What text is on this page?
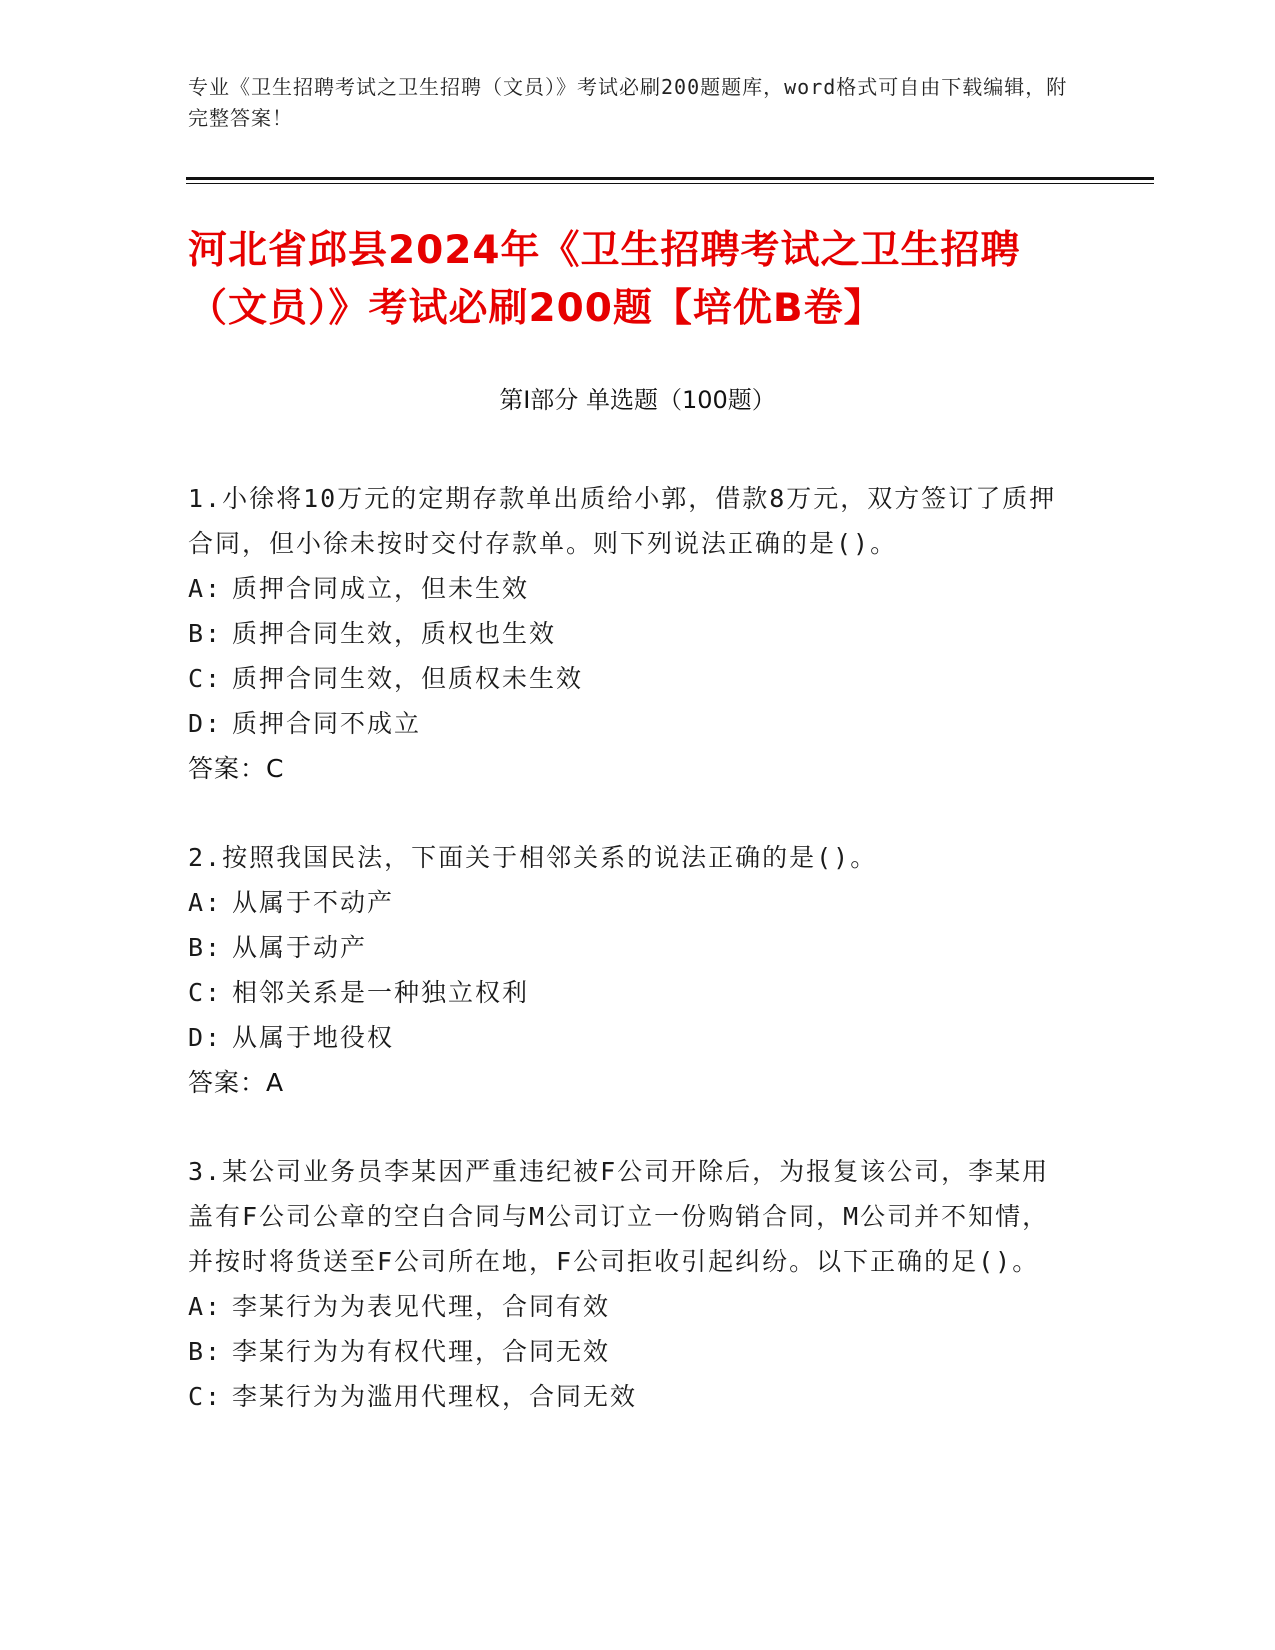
专业《卫生招聘考试之卫生招聘（文员）》考试必刷200题题库，word格式可自由下载编辑，附完整答案！
河北省邱县2024年《卫生招聘考试之卫生招聘（文员）》考试必刷200题【培优B卷】
第I部分 单选题（100题）
1.小徐将10万元的定期存款单出质给小郭，借款8万元，双方签订了质押合同，但小徐未按时交付存款单。则下列说法正确的是()。
A: 质押合同成立，但未生效
B: 质押合同生效，质权也生效
C: 质押合同生效，但质权未生效
D: 质押合同不成立
答案：C
2.按照我国民法，下面关于相邻关系的说法正确的是()。
A: 从属于不动产
B: 从属于动产
C: 相邻关系是一种独立权利
D: 从属于地役权
答案：A
3.某公司业务员李某因严重违纪被F公司开除后，为报复该公司，李某用盖有F公司公章的空白合同与M公司订立一份购销合同，M公司并不知情，并按时将货送至F公司所在地，F公司拒收引起纠纷。以下正确的足()。
A: 李某行为为表见代理，合同有效
B: 李某行为为有权代理，合同无效
C: 李某行为为滥用代理权，合同无效
